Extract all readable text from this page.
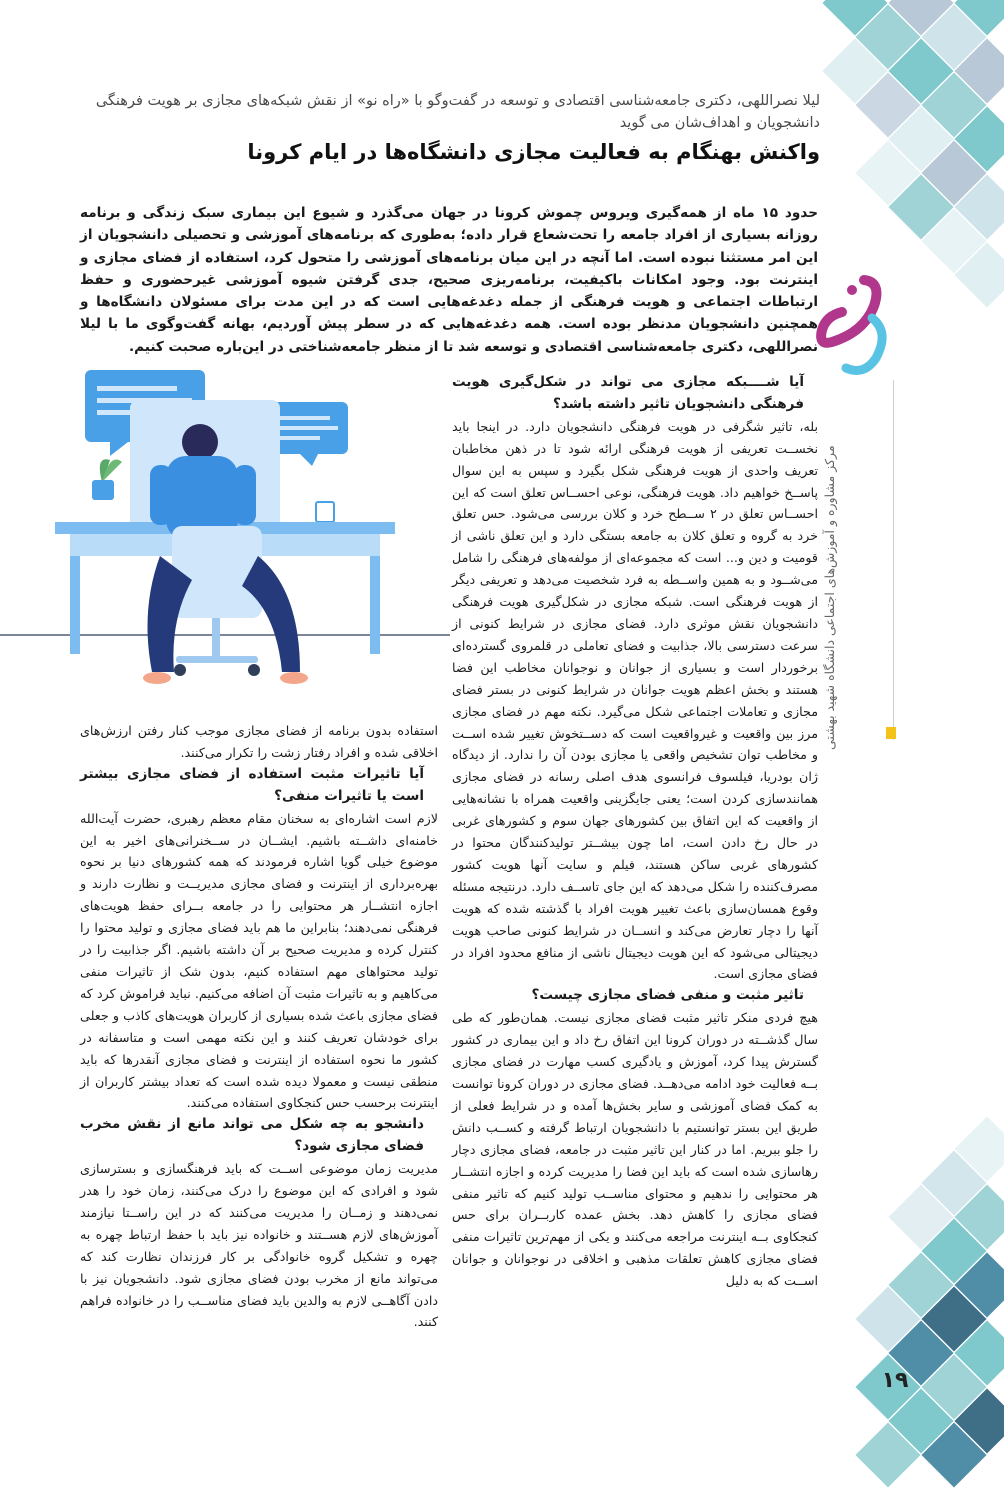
لیلا نصراللهی، دکتری جامعه‌شناسی اقتصادی و توسعه در گفت‌وگو با «راه نو» از نقش شبکه‌های مجازی بر هویت فرهنگی دانشجویان و اهداف‌شان می گوید
واکنش بهنگام به فعالیت مجازی دانشگاه‌ها در ایام کرونا
حدود ۱۵ ماه از همه‌گیری ویروس چموش کرونا در جهان می‌گذرد و شیوع این بیماری سبک زندگی و برنامه روزانه بسیاری از افراد جامعه را تحت‌شعاع قرار داده؛ به‌طوری که برنامه‌های آموزشی و تحصیلی دانشجویان از این امر مستثنا نبوده است. اما آنچه در این میان برنامه‌های آموزشی را متحول کرد، استفاده از فضای مجازی و اینترنت بود. وجود امکانات باکیفیت، برنامه‌ریزی صحیح، جدی گرفتن شیوه آموزشی غیرحضوری و حفظ ارتباطات اجتماعی و هویت فرهنگی از جمله دغدغه‌هایی است که در این مدت برای مسئولان دانشگاه‌ها و همچنین دانشجویان مدنظر بوده است. همه دغدغه‌هایی که در سطر پیش آوردیم، بهانه گفت‌وگوی ما با لیلا نصراللهی، دکتری جامعه‌شناسی اقتصادی و توسعه شد تا از منظر جامعه‌شناختی در این‌باره صحبت کنیم.
آیا شــــبکه مجازی می تواند در شکل‌گیری هویت فرهنگی دانشجویان تاثیر داشته باشد؟

بله، تاثیر شگرفی در هویت فرهنگی دانشجویان دارد. در اینجا باید نخســت تعریفی از هویت فرهنگی ارائه شود تا در ذهن مخاطبان تعریف واحدی از هویت فرهنگی شکل بگیرد و سپس به این سوال پاســخ خواهیم داد. هویت فرهنگی، نوعی احســاس تعلق است که این احســاس تعلق در ۲ ســطح خرد و کلان بررسی می‌شود. حس تعلق خرد به گروه و تعلق کلان به جامعه بستگی دارد و این تعلق ناشی از قومیت و دین و... است که مجموعه‌ای از مولفه‌های فرهنگی را شامل می‌شــود و به همین واســطه به فرد شخصیت می‌دهد و تعریفی دیگر از هویت فرهنگی است. شبکه مجازی در شکل‌گیری هویت فرهنگی دانشجویان نقش موثری دارد. فضای مجازی در شرایط کنونی از سرعت دسترسی بالا، جذابیت و فضای تعاملی در قلمروی گسترده‌ای برخوردار است و بسیاری از جوانان و نوجوانان مخاطب این فضا هستند و بخش اعظم هویت جوانان در شرایط کنونی در بستر فضای مجازی و تعاملات اجتماعی شکل می‌گیرد. نکته مهم در فضای مجازی مرز بین واقعیت و غیرواقعیت است که دســتخوش تغییر شده اســت و مخاطب توان تشخیص واقعی یا مجازی بودن آن را ندارد. از دیدگاه ژان بودریا، فیلسوف فرانسوی هدف اصلی رسانه در فضای مجازی همانندسازی کردن است؛ یعنی جایگزینی واقعیت همراه با نشانه‌هایی از واقعیت که این اتفاق بین کشورهای جهان سوم و کشورهای غربی در حال رخ دادن است، اما چون بیشــتر تولیدکنندگان محتوا در کشورهای غربی ساکن هستند، فیلم و سایت آنها هویت کشور مصرف‌کننده را شکل می‌دهد که این جای تاســف دارد. درنتیجه مسئله وقوع همسان‌سازی باعث تغییر هویت افراد با گذشته شده که هویت آنها را دچار تعارض می‌کند و انســان در شرایط کنونی صاحب هویت دیجیتالی می‌شود که این هویت دیجیتال ناشی از منافع محدود افراد در فضای مجازی است.

تاثیر مثبت و منفی فضای مجازی چیست؟

هیچ فردی منکر تاثیر مثبت فضای مجازی نیست. همان‌طور که طی سال گذشــته در دوران کرونا این اتفاق رخ داد و این بیماری در کشور گسترش پیدا کرد، آموزش و یادگیری کسب مهارت در فضای مجازی بــه فعالیت خود ادامه می‌دهــد. فضای مجازی در دوران کرونا توانست به کمک فضای آموزشی و سایر بخش‌ها آمده و در شرایط فعلی از طریق این بستر توانستیم با دانشجویان ارتباط گرفته و کســب دانش را جلو ببریم. اما در کنار این تاثیر مثبت در جامعه، فضای مجازی دچار رهاسازی شده است که باید این فضا را مدیریت کرده و اجازه انتشــار هر محتوایی را ندهیم و محتوای مناســب تولید کنیم که تاثیر منفی فضای مجازی را کاهش دهد. بخش عمده کاربــران برای حس کنجکاوی بــه اینترنت مراجعه می‌کنند و یکی از مهم‌ترین تاثیرات منفی فضای مجازی کاهش تعلقات مذهبی و اخلاقی در نوجوانان و جوانان اســت که به دلیل

استفاده بدون برنامه از فضای مجازی موجب کنار رفتن ارزش‌های اخلاقی شده و افراد رفتار زشت را تکرار می‌کنند.

آیا تاثیرات مثبت استفاده از فضای مجازی بیشتر است یا تاثیرات منفی؟

لازم است اشاره‌ای به سخنان مقام معظم رهبری، حضرت آیت‌الله خامنه‌ای داشــته باشیم. ایشــان در ســخنرانی‌های اخیر به این موضوع خیلی گویا اشاره فرمودند که همه کشورهای دنیا بر نحوه بهره‌برداری از اینترنت و فضای مجازی مدیریــت و نظارت دارند و اجازه انتشــار هر محتوایی را در جامعه بــرای حفظ هویت‌های فرهنگی نمی‌دهند؛ بنابراین ما هم باید فضای مجازی و تولید محتوا را کنترل کرده و مدیریت صحیح بر آن داشته باشیم. اگر جذابیت را در تولید محتواهای مهم استفاده کنیم، بدون شک از تاثیرات منفی می‌کاهیم و به تاثیرات مثبت آن اضافه می‌کنیم. نباید فراموش کرد که فضای مجازی باعث شده بسیاری از کاربران هویت‌های کاذب و جعلی برای خودشان تعریف کنند و این نکته مهمی است و متاسفانه در کشور ما نحوه استفاده از اینترنت و فضای مجازی آنقدرها که باید منطقی نیست و معمولا دیده شده است که تعداد بیشتر کاربران از اینترنت برحسب حس کنجکاوی استفاده می‌کنند.

دانشجو به چه شکل می تواند مانع از نقش مخرب فضای مجازی شود؟

مدیریت زمان موضوعی اســت که باید فرهنگسازی و بسترسازی شود و افرادی که این موضوع را درک می‌کنند، زمان خود را هدر نمی‌دهند و زمــان را مدیریت می‌کنند که در این راســتا نیازمند آموزش‌های لازم هســتند و خانواده نیز باید با حفظ ارتباط چهره به چهره و تشکیل گروه خانوادگی بر کار فرزندان نظارت کند که می‌تواند مانع از مخرب بودن فضای مجازی شود. دانشجویان نیز با دادن آگاهــی لازم به والدین باید فضای مناســب را در خانواده فراهم کنند.

مرکز مشاوره و آموزش‌های اجتماعی دانشگاه شهید بهشتی
۱۹
